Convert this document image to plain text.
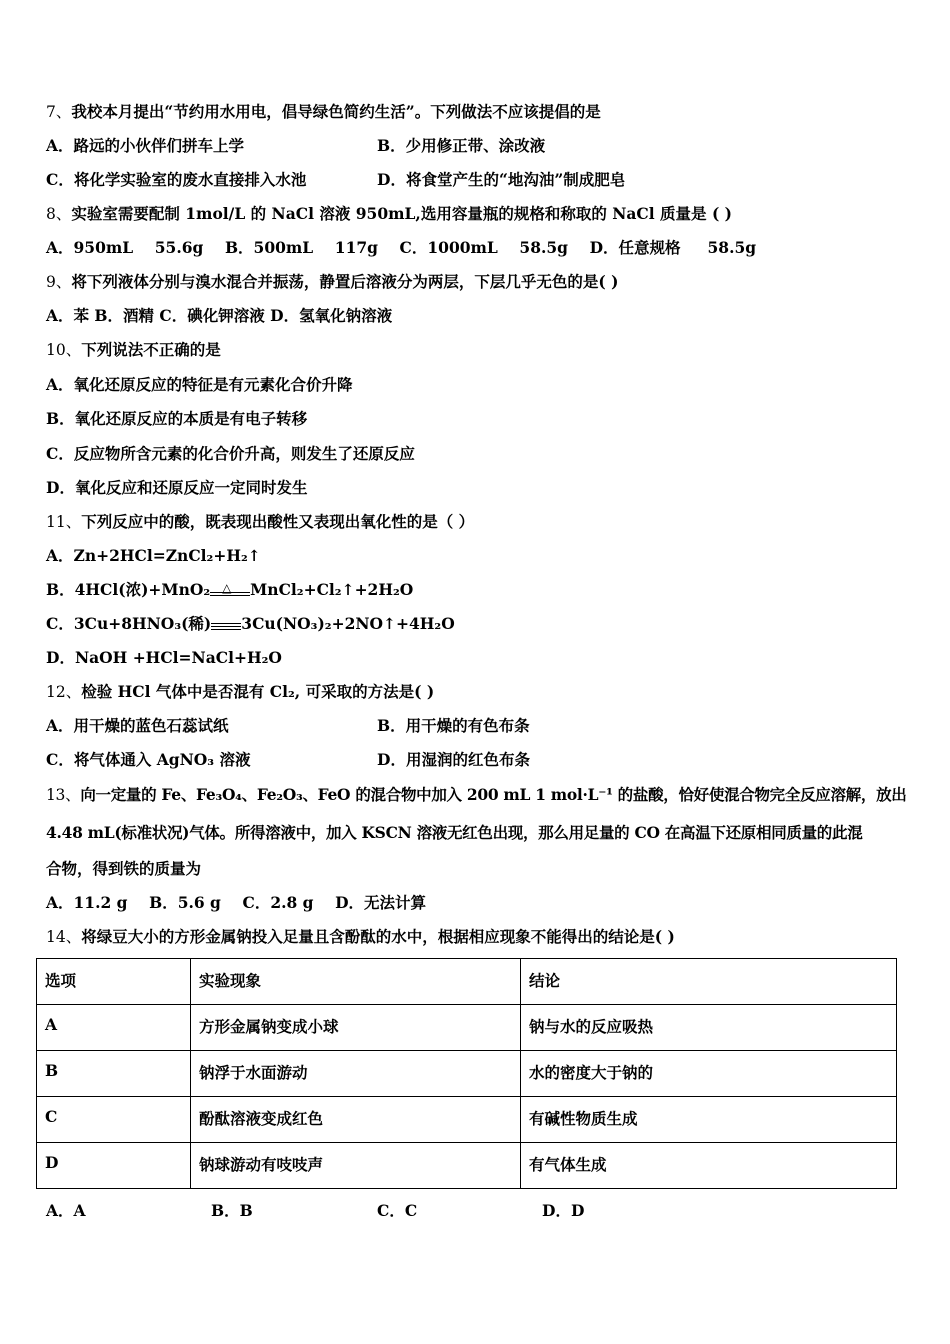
7、我校本月提出“节约用水用电，倡导绿色简约生活”。下列做法不应该提倡的是
A．路远的小伙伴们拼车上学	B．少用修正带、涂改液
C．将化学实验室的废水直接排入水池	D．将食堂产生的“地沟油”制成肥皂
8、实验室需要配制 1mol/L 的 NaCl 溶液 950mL,选用容量瓶的规格和称取的 NaCl 质量是 ( )
A．950mL    55.6g    B．500mL    117g    C．1000mL    58.5g    D．任意规格     58.5g
9、将下列液体分别与溴水混合并振荡，静置后溶液分为两层，下层几乎无色的是( )
A．苯 B．酒精 C．碘化钾溶液 D．氢氧化钠溶液
10、下列说法不正确的是
A．氧化还原反应的特征是有元素化合价升降
B．氧化还原反应的本质是有电子转移
C．反应物所含元素的化合价升高，则发生了还原反应
D．氧化反应和还原反应一定同时发生
11、下列反应中的酸，既表现出酸性又表现出氧化性的是（ ）
A．Zn+2HCl=ZnCl₂+H₂↑
B．4HCl(浓)+MnO₂ △ MnCl₂+Cl₂↑+2H₂O
C．3Cu+8HNO₃(稀) 3Cu(NO₃)₂+2NO↑+4H₂O
D．NaOH +HCl=NaCl+H₂O
12、检验 HCl 气体中是否混有 Cl₂, 可采取的方法是( )
A．用干燥的蓝色石蕊试纸	B．用干燥的有色布条
C．将气体通入 AgNO₃ 溶液	D．用湿润的红色布条
13、向一定量的 Fe、Fe₃O₄、Fe₂O₃、FeO 的混合物中加入 200 mL 1 mol·L⁻¹ 的盐酸，恰好使混合物完全反应溶解，放出
4.48 mL(标准状况)气体。所得溶液中，加入 KSCN 溶液无红色出现，那么用足量的 CO 在高温下还原相同质量的此混
合物，得到铁的质量为
A．11.2 g    B．5.6 g    C．2.8 g    D．无法计算
14、将绿豆大小的方形金属钠投入足量且含酚酞的水中，根据相应现象不能得出的结论是( )
选项	实验现象	结论
A	方形金属钠变成小球	钠与水的反应吸热
B	钠浮于水面游动	水的密度大于钠的
C	酚酞溶液变成红色	有碱性物质生成
D	钠球游动有吱吱声	有气体生成
A．A	B．B	C．C	D．D
